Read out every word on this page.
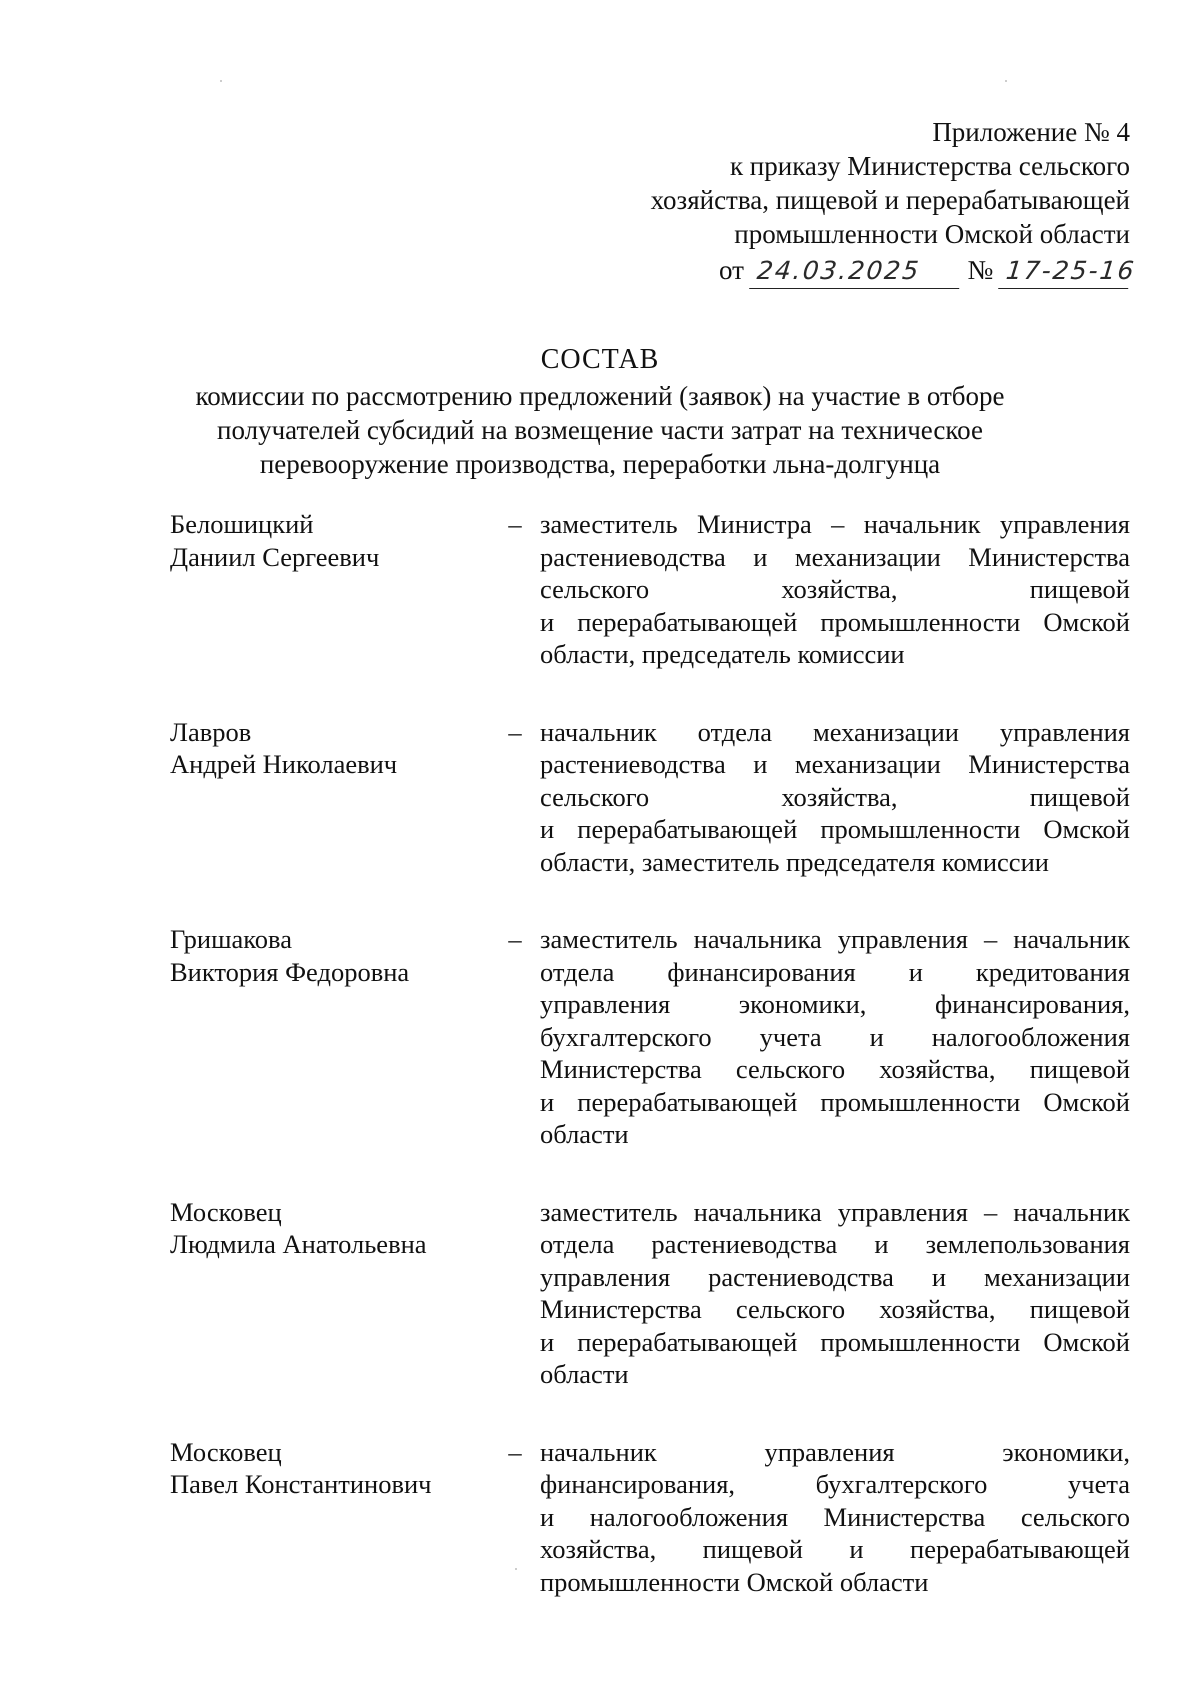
Приложение № 4
к приказу Министерства сельского
хозяйства, пищевой и перерабатывающей
промышленности Омской области
от 24.03.2025 № 17-25-16
СОСТАВ
комиссии по рассмотрению предложений (заявок) на участие в отборе
получателей субсидий на возмещение части затрат на техническое
перевооружение производства, переработки льна-долгунца
Белошицкий
Даниил Сергеевич
– заместитель Министра – начальник управления
растениеводства и механизации Министерства
сельского хозяйства, пищевой
и перерабатывающей промышленности Омской
области, председатель комиссии
Лавров
Андрей Николаевич
– начальник отдела механизации управления
растениеводства и механизации Министерства
сельского хозяйства, пищевой
и перерабатывающей промышленности Омской
области, заместитель председателя комиссии
Гришакова
Виктория Федоровна
– заместитель начальника управления – начальник
отдела финансирования и кредитования
управления экономики, финансирования,
бухгалтерского учета и налогообложения
Министерства сельского хозяйства, пищевой
и перерабатывающей промышленности Омской
области
Московец
Людмила Анатольевна
заместитель начальника управления – начальник
отдела растениеводства и землепользования
управления растениеводства и механизации
Министерства сельского хозяйства, пищевой
и перерабатывающей промышленности Омской
области
Московец
Павел Константинович
– начальник управления экономики,
финансирования, бухгалтерского учета
и налогообложения Министерства сельского
хозяйства, пищевой и перерабатывающей
промышленности Омской области
